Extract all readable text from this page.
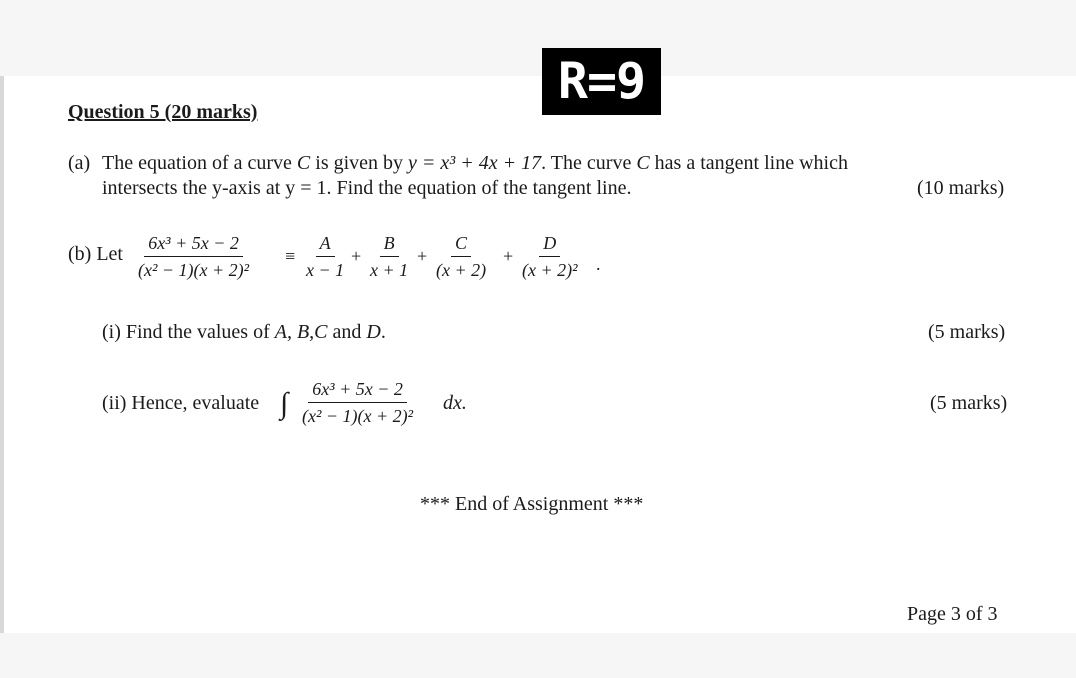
R=9
Question 5 (20 marks)
(a) The equation of a curve C is given by y = x³ + 4x + 17. The curve C has a tangent line which
intersects the y-axis at y = 1. Find the equation of the tangent line.	(10 marks)
(b) Let $\frac{\text{6x³ + 5x − 2}}{\text{(x² − 1)(x + 2)²}} \equiv \frac{A}{x - 1} + \frac{B}{x + 1} + \frac{C}{(x + 2)} + \frac{D}{\text{(x + 2)²}}$ .
(i) Find the values of A, B,C and D.	(5 marks)
(ii) Hence, evaluate ∫ $\frac{\text{6x³ + 5x − 2}}{\text{(x² − 1)(x + 2)²}}$ dx.	(5 marks)
*** End of Assignment ***
Page 3 of 3
